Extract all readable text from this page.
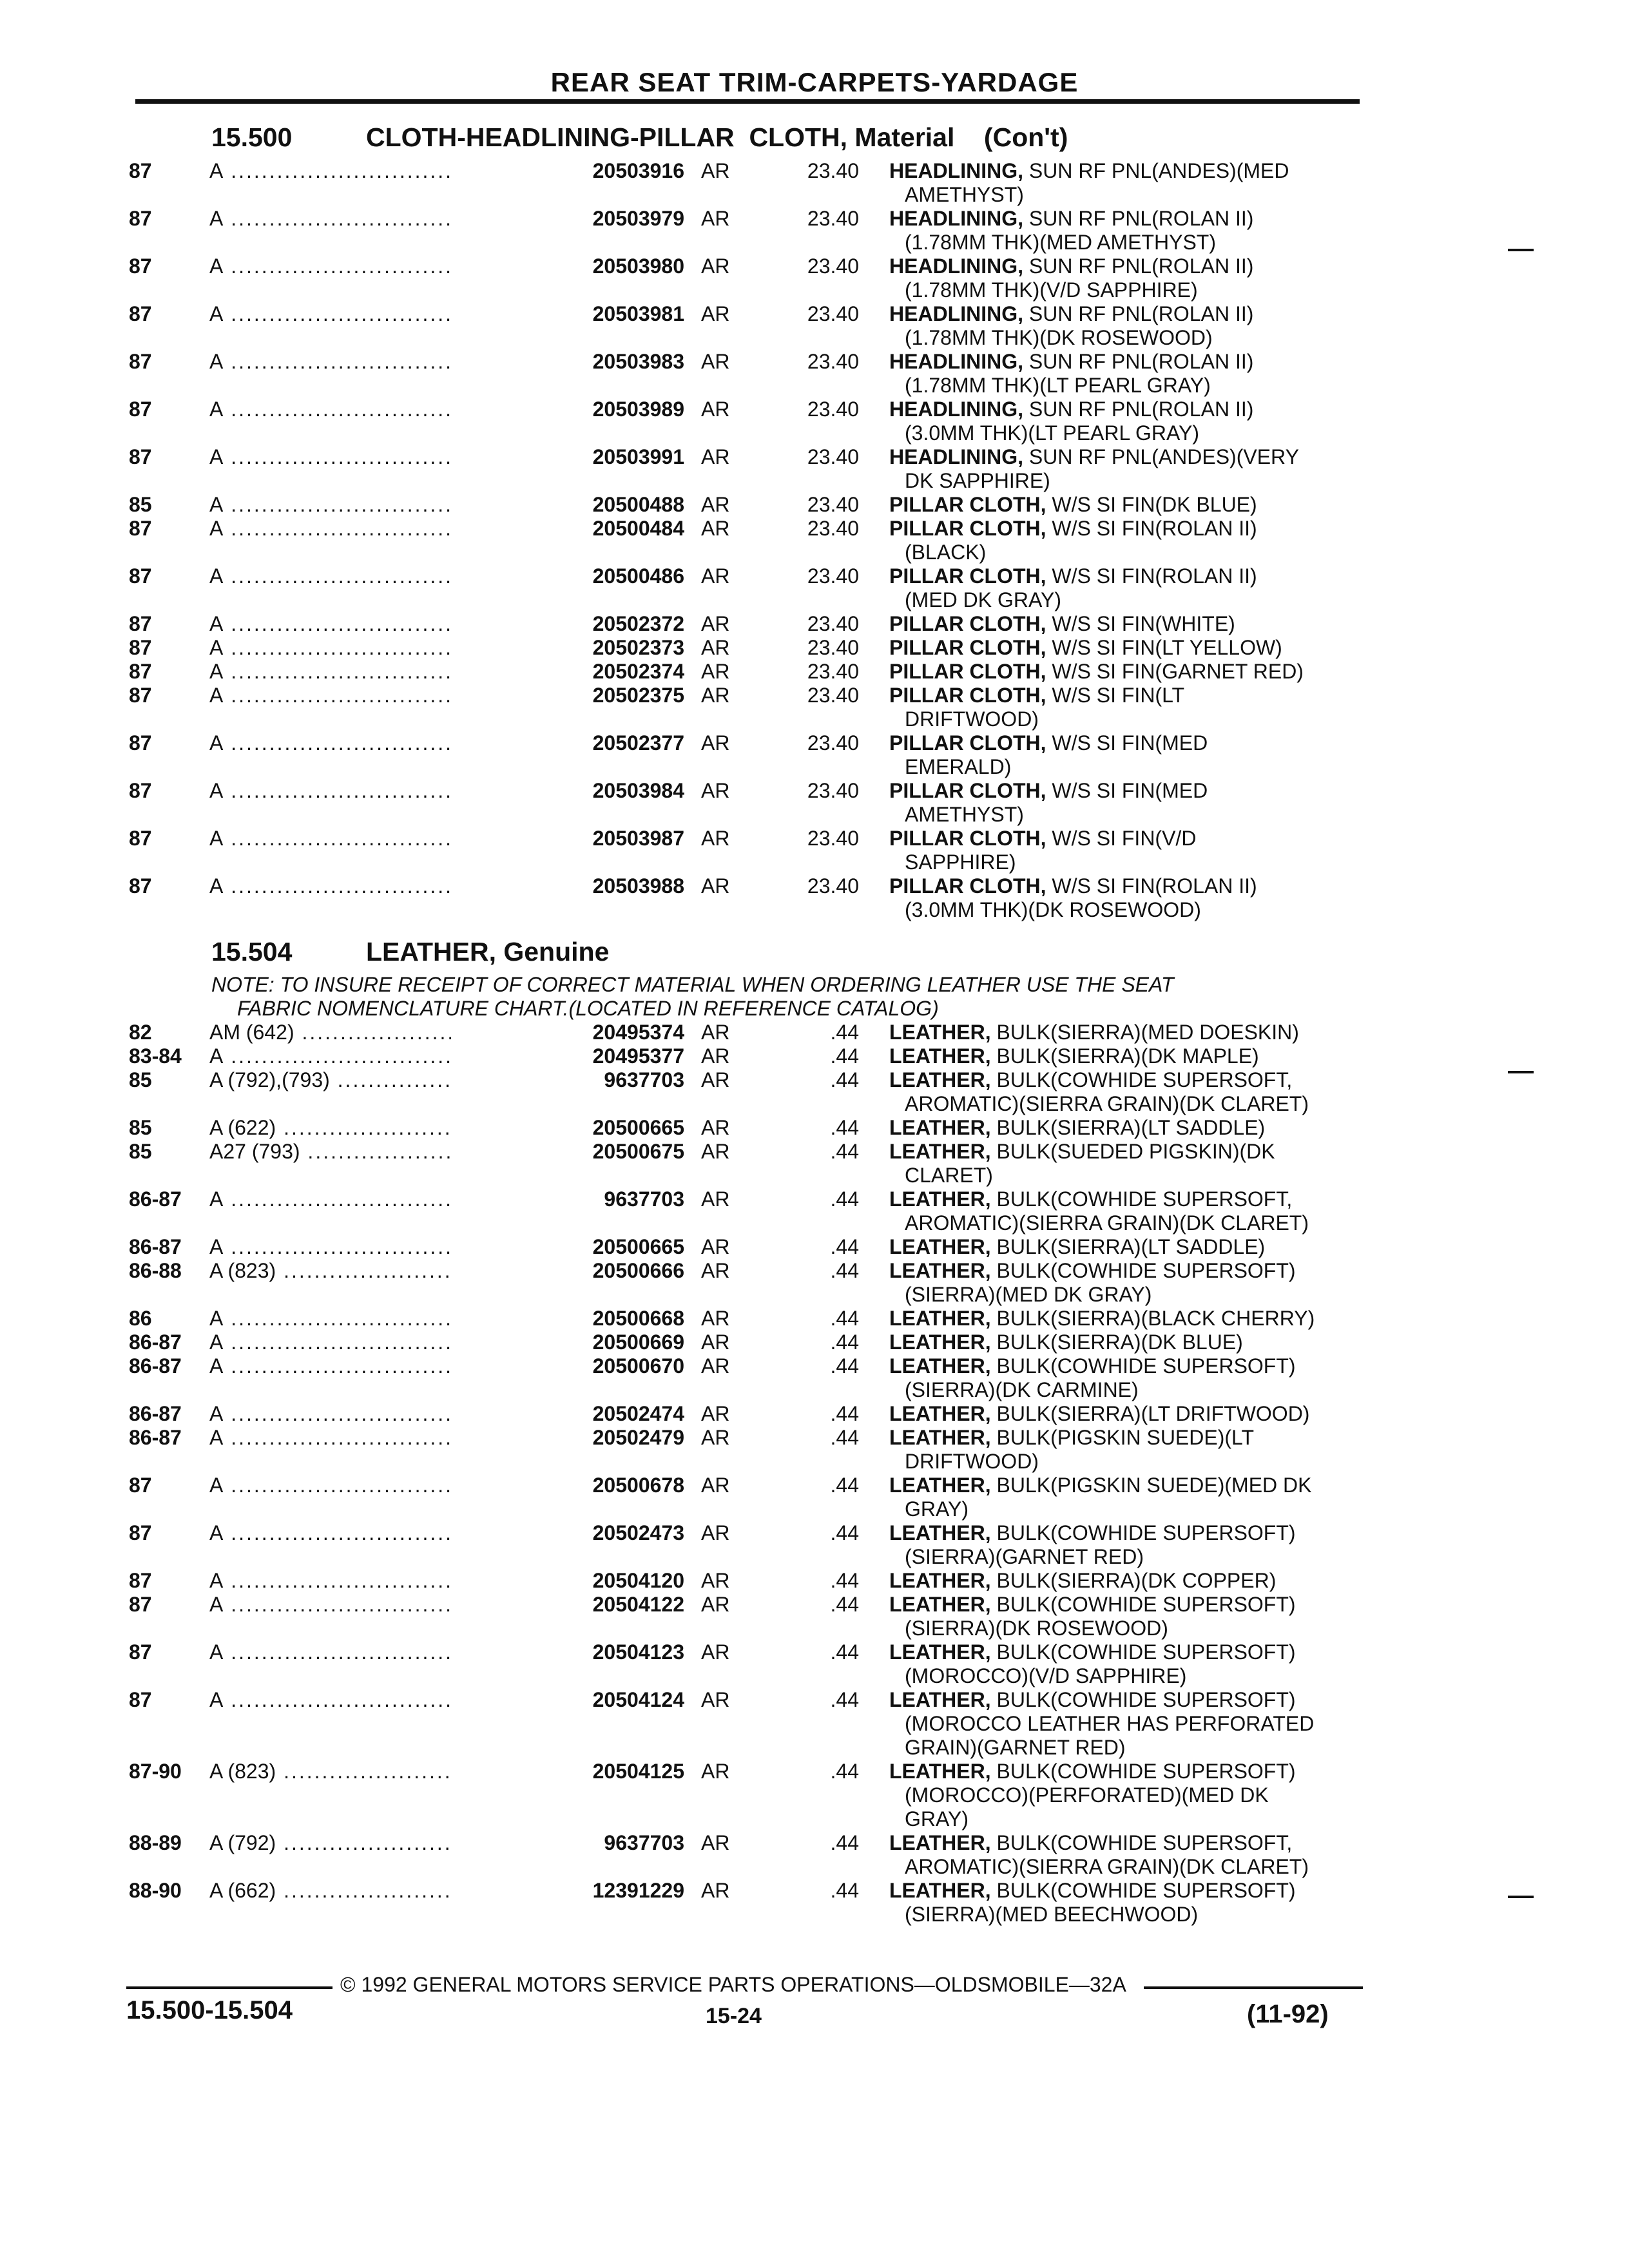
REAR SEAT TRIM-CARPETS-YARDAGE
15.500	CLOTH-HEADLINING-PILLAR  CLOTH, Material    (Con't)
15.504	LEATHER, Genuine
NOTE: TO INSURE RECEIPT OF CORRECT MATERIAL WHEN ORDERING LEATHER USE THE SEAT
FABRIC NOMENCLATURE CHART.(LOCATED IN REFERENCE CATALOG)
87	A .....	20503916 AR	23.40 HEADLINING, SUN RF PNL(ANDES)(MED
AMETHYST)
87	A .....	20503979 AR	23.40 HEADLINING, SUN RF PNL(ROLAN II)
(1.78MM THK)(MED AMETHYST)
87	A .....	20503980 AR	23.40 HEADLINING, SUN RF PNL(ROLAN II)
(1.78MM THK)(V/D SAPPHIRE)
87	A .....	20503981 AR	23.40 HEADLINING, SUN RF PNL(ROLAN II)
(1.78MM THK)(DK ROSEWOOD)
87	A .....	20503983 AR	23.40 HEADLINING, SUN RF PNL(ROLAN II)
(1.78MM THK)(LT PEARL GRAY)
87	A .....	20503989 AR	23.40 HEADLINING, SUN RF PNL(ROLAN II)
(3.0MM THK)(LT PEARL GRAY)
87	A .....	20503991 AR	23.40 HEADLINING, SUN RF PNL(ANDES)(VERY
DK SAPPHIRE)
85	A .....	20500488 AR	23.40 PILLAR CLOTH, W/S SI FIN(DK BLUE)
87	A .....	20500484 AR	23.40 PILLAR CLOTH, W/S SI FIN(ROLAN II)
(BLACK)
87	A .....	20500486 AR	23.40 PILLAR CLOTH, W/S SI FIN(ROLAN II)
(MED DK GRAY)
87	A .....	20502372 AR	23.40 PILLAR CLOTH, W/S SI FIN(WHITE)
87	A .....	20502373 AR	23.40 PILLAR CLOTH, W/S SI FIN(LT YELLOW)
87	A .....	20502374 AR	23.40 PILLAR CLOTH, W/S SI FIN(GARNET RED)
87	A .....	20502375 AR	23.40 PILLAR CLOTH, W/S SI FIN(LT
DRIFTWOOD)
87	A .....	20502377 AR	23.40 PILLAR CLOTH, W/S SI FIN(MED
EMERALD)
87	A .....	20503984 AR	23.40 PILLAR CLOTH, W/S SI FIN(MED
AMETHYST)
87	A .....	20503987 AR	23.40 PILLAR CLOTH, W/S SI FIN(V/D
SAPPHIRE)
87	A .....	20503988 AR	23.40 PILLAR CLOTH, W/S SI FIN(ROLAN II)
(3.0MM THK)(DK ROSEWOOD)
82	AM (642) .....	20495374 AR	.44 LEATHER, BULK(SIERRA)(MED DOESKIN)
83-84 A .....	20495377 AR	.44 LEATHER, BULK(SIERRA)(DK MAPLE)
85	A (792),(793) .....	9637703 AR	.44 LEATHER, BULK(COWHIDE SUPERSOFT,
AROMATIC)(SIERRA GRAIN)(DK CLARET)
85	A (622) .....	20500665 AR	.44 LEATHER, BULK(SIERRA)(LT SADDLE)
85	A27 (793) .....	20500675 AR	.44 LEATHER, BULK(SUEDED PIGSKIN)(DK
CLARET)
86-87 A .....	9637703 AR	.44 LEATHER, BULK(COWHIDE SUPERSOFT,
AROMATIC)(SIERRA GRAIN)(DK CLARET)
86-87 A .....	20500665 AR	.44 LEATHER, BULK(SIERRA)(LT SADDLE)
86-88 A (823) .....	20500666 AR	.44 LEATHER, BULK(COWHIDE SUPERSOFT)
(SIERRA)(MED DK GRAY)
86	A .....	20500668 AR	.44 LEATHER, BULK(SIERRA)(BLACK CHERRY)
86-87 A .....	20500669 AR	.44 LEATHER, BULK(SIERRA)(DK BLUE)
86-87 A .....	20500670 AR	.44 LEATHER, BULK(COWHIDE SUPERSOFT)
(SIERRA)(DK CARMINE)
86-87 A .....	20502474 AR	.44 LEATHER, BULK(SIERRA)(LT DRIFTWOOD)
86-87 A .....	20502479 AR	.44 LEATHER, BULK(PIGSKIN SUEDE)(LT
DRIFTWOOD)
87	A .....	20500678 AR	.44 LEATHER, BULK(PIGSKIN SUEDE)(MED DK
GRAY)
87	A .....	20502473 AR	.44 LEATHER, BULK(COWHIDE SUPERSOFT)
(SIERRA)(GARNET RED)
87	A .....	20504120 AR	.44 LEATHER, BULK(SIERRA)(DK COPPER)
87	A .....	20504122 AR	.44 LEATHER, BULK(COWHIDE SUPERSOFT)
(SIERRA)(DK ROSEWOOD)
87	A .....	20504123 AR	.44 LEATHER, BULK(COWHIDE SUPERSOFT)
(MOROCCO)(V/D SAPPHIRE)
87	A .....	20504124 AR	.44 LEATHER, BULK(COWHIDE SUPERSOFT)
(MOROCCO LEATHER HAS PERFORATED
GRAIN)(GARNET RED)
87-90 A (823) .....	20504125 AR	.44 LEATHER, BULK(COWHIDE SUPERSOFT)
(MOROCCO)(PERFORATED)(MED DK
GRAY)
88-89 A (792) .....	9637703 AR	.44 LEATHER, BULK(COWHIDE SUPERSOFT,
AROMATIC)(SIERRA GRAIN)(DK CLARET)
88-90 A (662) .....	12391229 AR	.44 LEATHER, BULK(COWHIDE SUPERSOFT)
(SIERRA)(MED BEECHWOOD)
© 1992 GENERAL MOTORS SERVICE PARTS OPERATIONS—OLDSMOBILE—32A
15.500-15.504	15-24	(11-92)
